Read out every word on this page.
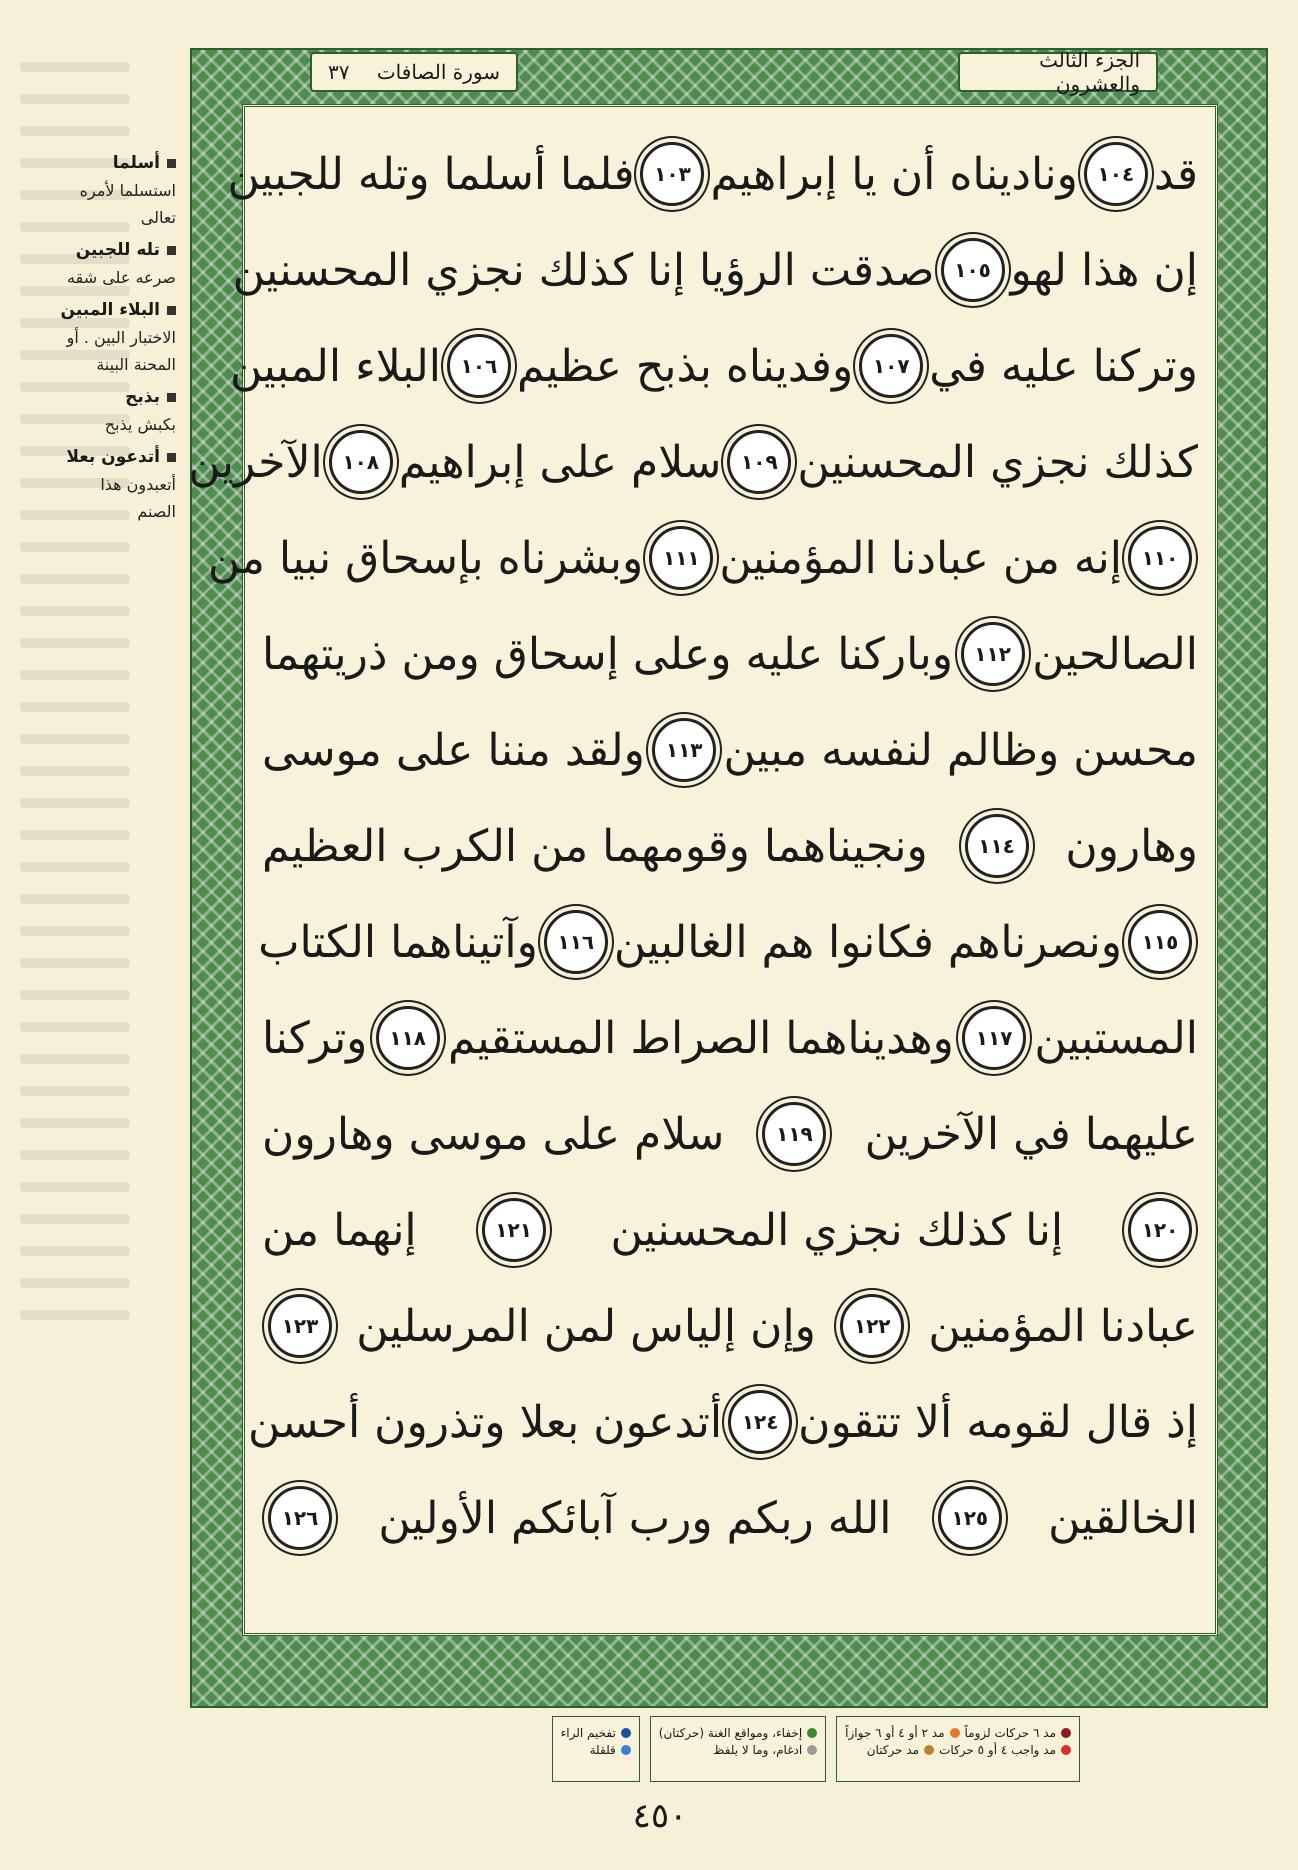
أسلما
استسلما لأمره تعالى
تله للجبين
صرعه على شقه
البلاء المبين
الاختبار البين . أو المحنة البينة
بذبح
بكبش يذبح
أتدعون بعلا
أتعبدون هذا الصنم
سورة الصافات
٣٧	الجزء الثالث والعشرون
قد
١٠٤
وناديناه أن يا إبراهيم
١٠٣
فلما أسلما وتله للجبين
إن هذا لهو
١٠٥
صدقت الرؤيا إنا كذلك نجزي المحسنين
وتركنا عليه في
١٠٧
وفديناه بذبح عظيم
١٠٦
البلاء المبين
كذلك نجزي المحسنين
١٠٩
سلام على إبراهيم
١٠٨
الآخرين
١١٠
إنه من عبادنا المؤمنين
١١١
وبشرناه بإسحاق نبيا من
الصالحين
١١٢
وباركنا عليه وعلى إسحاق ومن ذريتهما
محسن وظالم لنفسه مبين
١١٣
ولقد مننا على موسى
وهارون
١١٤
ونجيناهما وقومهما من الكرب العظيم
١١٥
ونصرناهم فكانوا هم الغالبين
١١٦
وآتيناهما الكتاب
المستبين
١١٧
وهديناهما الصراط المستقيم
١١٨
وتركنا
عليهما في الآخرين
١١٩
سلام على موسى وهارون
١٢٠
إنا كذلك نجزي المحسنين
١٢١
إنهما من
عبادنا المؤمنين
١٢٢
وإن إلياس لمن المرسلين
١٢٣
إذ قال لقومه ألا تتقون
١٢٤
أتدعون بعلا وتذرون أحسن
الخالقين
١٢٥
الله ربكم ورب آبائكم الأولين
١٢٦
مد ٦ حركات لزوماً
مد ٢ أو ٤ أو ٦ جوازاً
مد واجب ٤ أو ٥ حركات
مد حركتان
إخفاء، ومواقع الغنة (حركتان)
ادغام، وما لا يلفظ
تفخيم الراء
قلقلة
٤٥٠
